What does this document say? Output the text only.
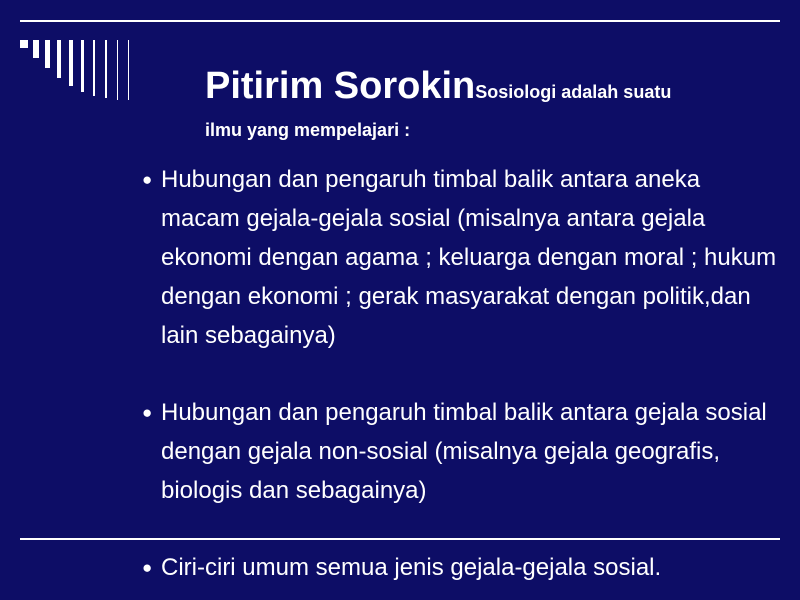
Pitirim SorokinSosiologi adalah suatu
ilmu yang mempelajari :
● Hubungan dan pengaruh timbal balik antara aneka macam gejala-gejala sosial (misalnya antara gejala ekonomi dengan agama ; keluarga dengan moral ; hukum dengan ekonomi ; gerak masyarakat dengan politik,dan lain sebagainya)
● Hubungan dan pengaruh timbal balik antara gejala sosial dengan gejala non-sosial (misalnya gejala geografis, biologis dan sebagainya)
● Ciri-ciri umum semua jenis gejala-gejala sosial.
